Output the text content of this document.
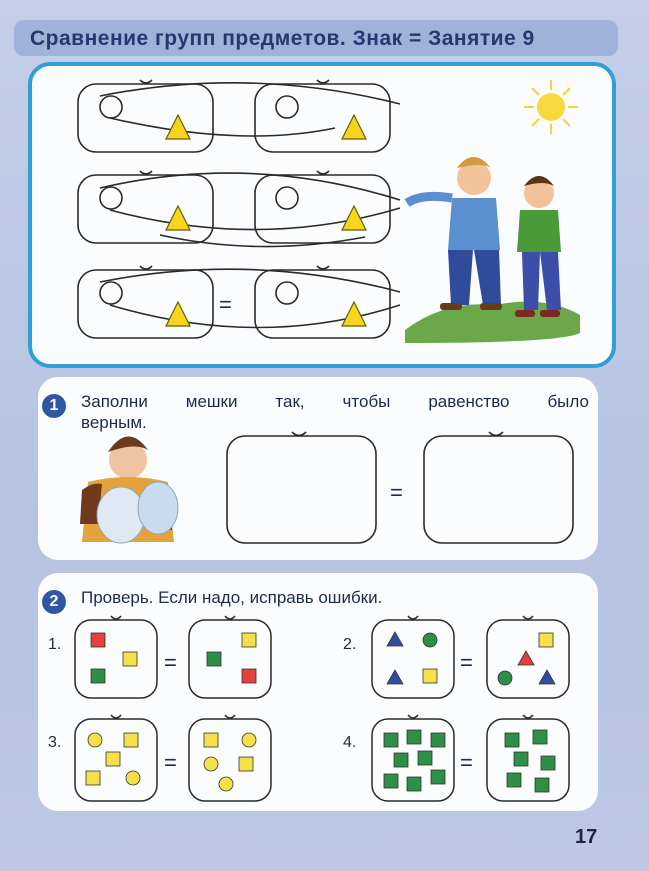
Сравнение групп предметов. Знак = Занятие 9
=
1	Заполни мешки так, чтобы равенство было
верным.
=
2	Проверь. Если надо, исправь ошибки.
1.	2.
3.	4.
=	=
=	=
17
